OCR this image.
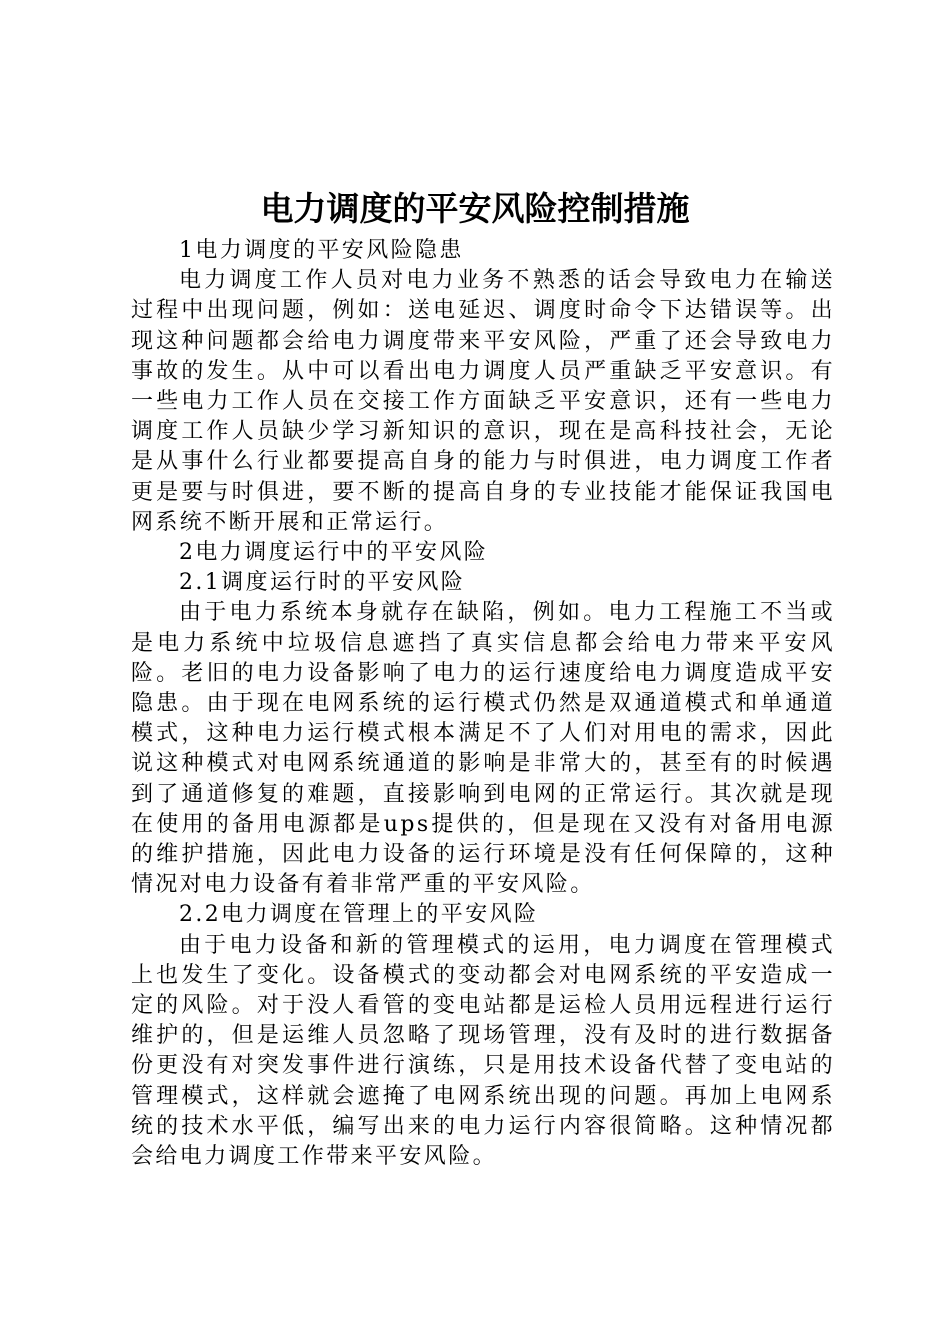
电力调度的平安风险控制措施

1电力调度的平安风险隐患

电力调度工作人员对电力业务不熟悉的话会导致电力在输送过程中出现问题，例如：送电延迟、调度时命令下达错误等。出现这种问题都会给电力调度带来平安风险，严重了还会导致电力事故的发生。从中可以看出电力调度人员严重缺乏平安意识。有一些电力工作人员在交接工作方面缺乏平安意识，还有一些电力调度工作人员缺少学习新知识的意识，现在是高科技社会，无论是从事什么行业都要提高自身的能力与时俱进，电力调度工作者更是要与时俱进，要不断的提高自身的专业技能才能保证我国电网系统不断开展和正常运行。

2电力调度运行中的平安风险

2.1调度运行时的平安风险

由于电力系统本身就存在缺陷，例如。电力工程施工不当或是电力系统中垃圾信息遮挡了真实信息都会给电力带来平安风险。老旧的电力设备影响了电力的运行速度给电力调度造成平安隐患。由于现在电网系统的运行模式仍然是双通道模式和单通道模式，这种电力运行模式根本满足不了人们对用电的需求，因此说这种模式对电网系统通道的影响是非常大的，甚至有的时候遇到了通道修复的难题，直接影响到电网的正常运行。其次就是现在使用的备用电源都是ups提供的，但是现在又没有对备用电源的维护措施，因此电力设备的运行环境是没有任何保障的，这种情况对电力设备有着非常严重的平安风险。

2.2电力调度在管理上的平安风险

由于电力设备和新的管理模式的运用，电力调度在管理模式上也发生了变化。设备模式的变动都会对电网系统的平安造成一定的风险。对于没人看管的变电站都是运检人员用远程进行运行维护的，但是运维人员忽略了现场管理，没有及时的进行数据备份更没有对突发事件进行演练，只是用技术设备代替了变电站的管理模式，这样就会遮掩了电网系统出现的问题。再加上电网系统的技术水平低，编写出来的电力运行内容很简略。这种情况都会给电力调度工作带来平安风险。
